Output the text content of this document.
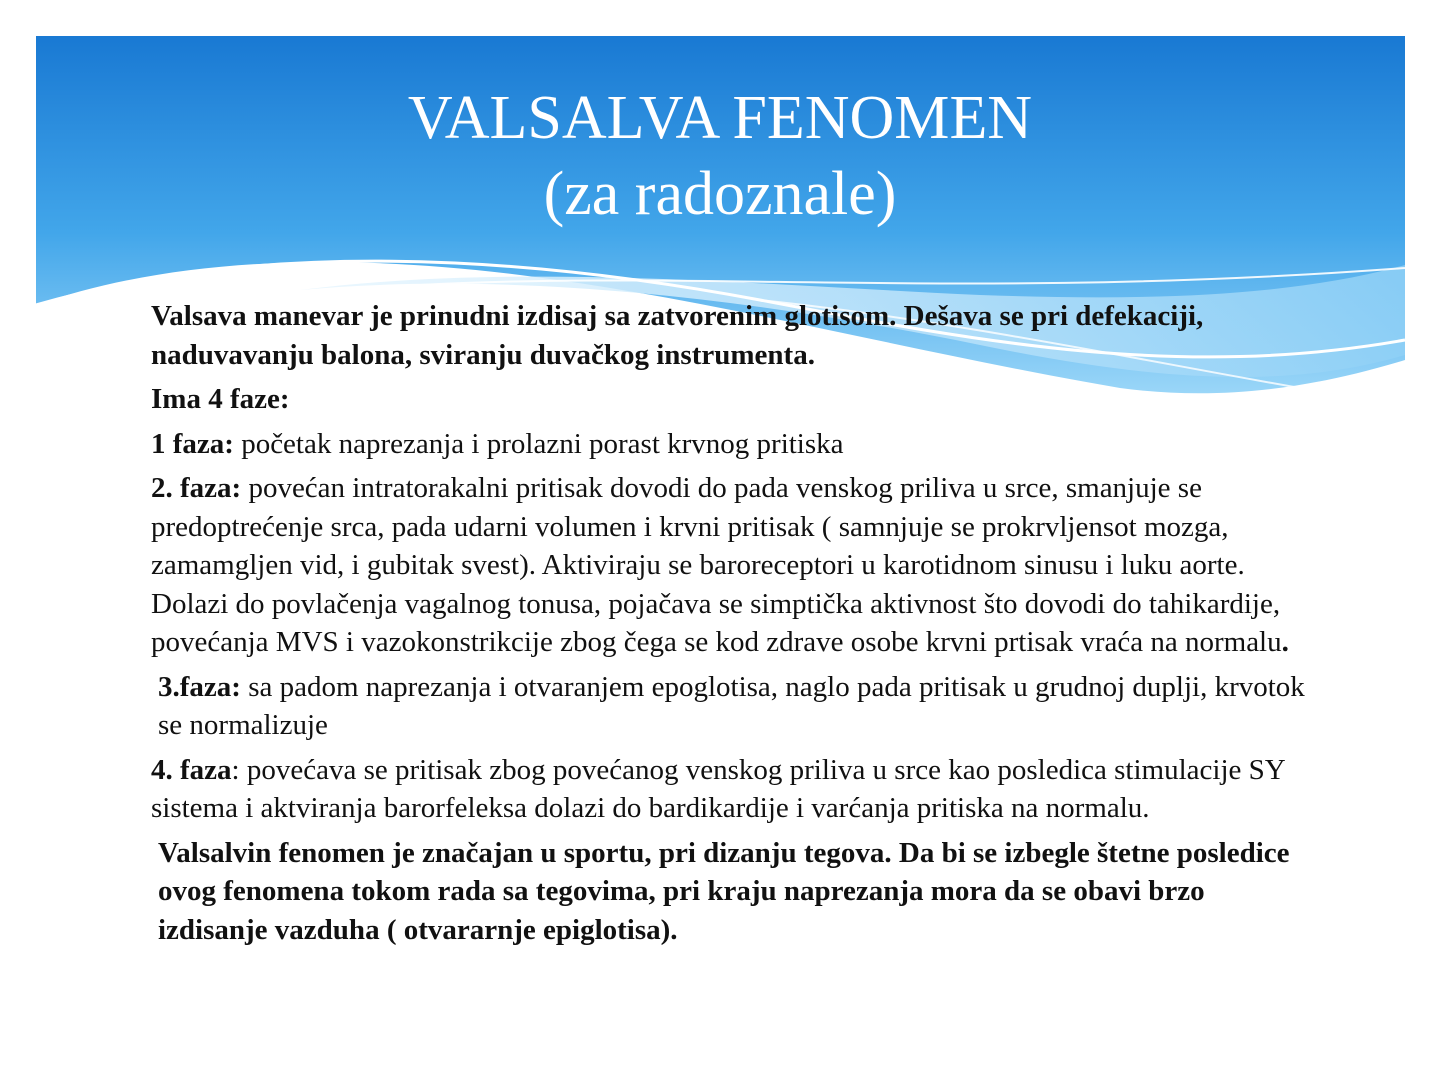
VALSALVA FENOMEN
(za radoznale)

Valsava manevar je prinudni izdisaj sa zatvorenim glotisom. Dešava se pri defekaciji, naduvavanju balona, sviranju duvačkog instrumenta.

Ima 4 faze:

1 faza: početak naprezanja i prolazni porast krvnog pritiska

2. faza: povećan intratorakalni pritisak dovodi do pada venskog priliva u srce, smanjuje se predoptrećenje srca, pada udarni volumen i krvni pritisak ( samnjuje se prokrvljensot mozga, zamamgljen vid, i gubitak svest). Aktiviraju se baroreceptori u karotidnom sinusu i luku aorte. Dolazi do povlačenja vagalnog tonusa, pojačava se simptička aktivnost što dovodi do tahikardije, povećanja MVS i vazokonstrikcije zbog čega se kod zdrave osobe krvni prtisak vraća na normalu.

3.faza: sa padom naprezanja i otvaranjem epoglotisa, naglo pada pritisak u grudnoj duplji, krvotok se normalizuje

4. faza: povećava se pritisak zbog povećanog venskog priliva u srce kao posledica stimulacije SY sistema i aktviranja barorfeleksa dolazi do bardikardije i varćanja pritiska na normalu.

Valsalvin fenomen je značajan u sportu, pri dizanju tegova. Da bi se izbegle štetne posledice ovog fenomena tokom rada sa tegovima, pri kraju naprezanja mora da se obavi brzo izdisanje vazduha ( otvararnje epiglotisa).
